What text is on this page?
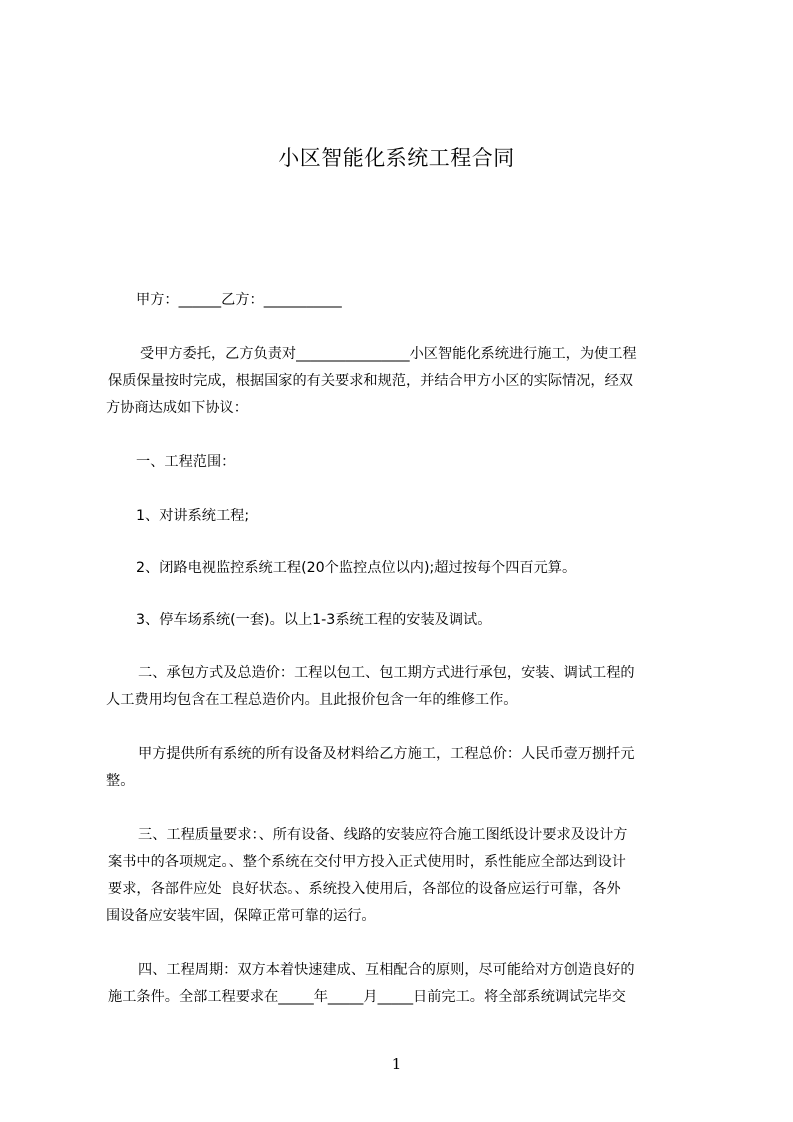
小区智能化系统工程合同
甲方：______乙方：___________
受甲方委托，乙方负责对________________小区智能化系统进行施工，为使工程
保质保量按时完成，根据国家的有关要求和规范，并结合甲方小区的实际情况，经双
方协商达成如下协议：
一、工程范围：
1、对讲系统工程;
2、闭路电视监控系统工程(20个监控点位以内);超过按每个四百元算。
3、停车场系统(一套)。以上1-3系统工程的安装及调试。
二、承包方式及总造价：工程以包工、包工期方式进行承包，安装、调试工程的
人工费用均包含在工程总造价内。且此报价包含一年的维修工作。
甲方提供所有系统的所有设备及材料给乙方施工，工程总价：人民币壹万捌扦元
整。
三、工程质量要求：、所有设备、线路的安装应符合施工图纸设计要求及设计方
案书中的各项规定。、整个系统在交付甲方投入正式使用时，系性能应全部达到设计
要求，各部件应处  良好状态。、系统投入使用后，各部位的设备应运行可靠，各外
围设备应安装牢固，保障正常可靠的运行。
四、工程周期：双方本着快速建成、互相配合的原则，尽可能给对方创造良好的
施工条件。全部工程要求在_____年_____月_____日前完工。将全部系统调试完毕交
1
